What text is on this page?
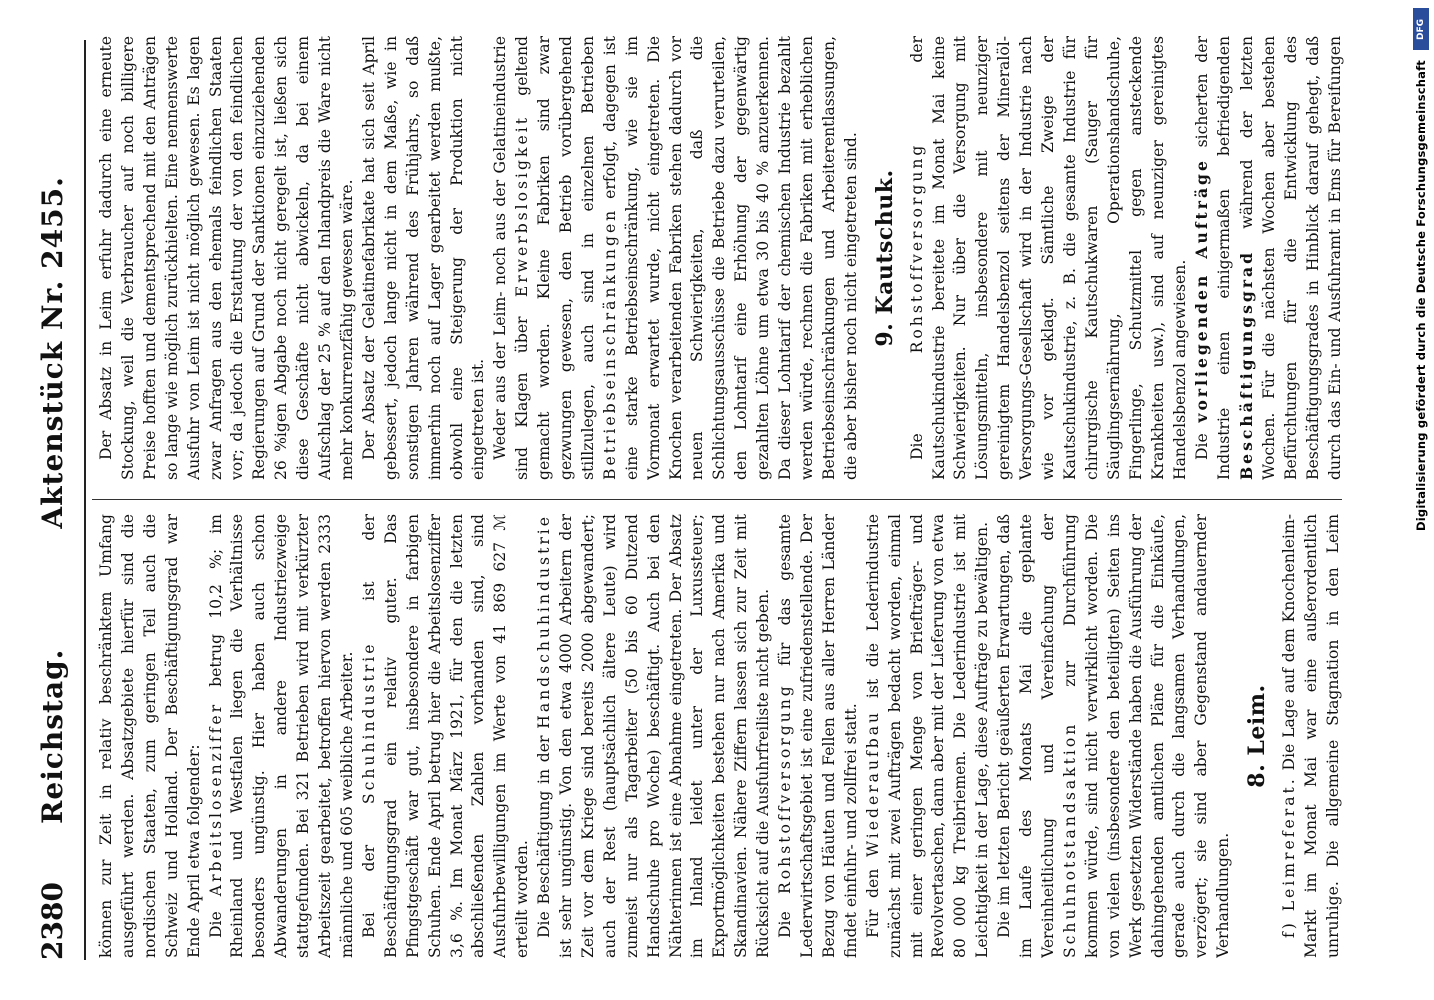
2380
Reichstag.Aktenstück Nr. 2455.

können zur Zeit in relativ beschränktem Umfang ausgeführt werden. Absatzgebiete hierfür sind die nordischen Staaten, zum geringen Teil auch die Schweiz und Holland. Der Beschäftigungsgrad war Ende April etwa folgender: Die Arbeitslosenziffer betrug 10,2 %; im Rheinland und Westfalen liegen die Verhältnisse besonders ungünstig. Hier haben auch schon Abwanderungen in andere Industriezweige stattgefunden. Bei 321 Betrieben wird mit verkürzter Arbeitszeit gearbeitet, betroffen hiervon werden 2333 männliche und 605 weibliche Arbeiter. Bei der Schuhindustrie ist der Beschäftigungsgrad ein relativ guter. Das Pfingstgeschäft war gut, insbesondere in farbigen Schuhen. Ende April betrug hier die Arbeitslosenziffer 3,6 %. Im Monat März 1921, für den die letzten abschließenden Zahlen vorhanden sind, sind Ausfuhrbewilligungen im Werte von 41 869 627 ℳ erteilt worden. Die Beschäftigung in der Handschuhindustrie ist sehr ungünstig. Von den etwa 4000 Arbeitern der Zeit vor dem Kriege sind bereits 2000 abgewandert; auch der Rest (hauptsächlich ältere Leute) wird zumeist nur als Tagarbeiter (50 bis 60 Dutzend Handschuhe pro Woche) beschäftigt. Auch bei den Nähterinnen ist eine Abnahme eingetreten. Der Absatz im Inland leidet unter der Luxussteuer; Exportmöglichkeiten bestehen nur nach Amerika und Skandinavien. Nähere Ziffern lassen sich zur Zeit mit Rücksicht auf die Ausfuhrfreiliste nicht geben. Die Rohstoffversorgung für das gesamte Lederwirtschaftsgebiet ist eine zufriedenstellende. Der Bezug von Häuten und Fellen aus aller Herren Länder findet einfuhr- und zollfrei statt. Für den Wiederaufbau ist die Lederindustrie zunächst mit zwei Aufträgen bedacht worden, einmal mit einer geringen Menge von Briefträger- und Revolvertaschen, dann aber mit der Lieferung von etwa 80 000 kg Treibriemen. Die Lederindustrie ist mit Leichtigkeit in der Lage, diese Aufträge zu bewältigen. Die im letzten Bericht geäußerten Erwartungen, daß im Laufe des Monats Mai die geplante Vereinheitlichung und Vereinfachung der Schuhnotstandsaktion zur Durchführung kommen würde, sind nicht verwirklicht worden. Die von vielen (insbesondere den beteiligten) Seiten ins Werk gesetzten Widerstände haben die Ausführung der dahingehenden amtlichen Pläne für die Einkäufe, gerade auch durch die langsamen Verhandlungen, verzögert; sie sind aber Gegenstand andauernder Verhandlungen.

8. Leim.

f) Leimreferat. Die Lage auf dem Knochenleim-Markt im Monat Mai war eine außerordentlich unruhige. Die allgemeine Stagnation in den Leim

Der Absatz in Leim erfuhr dadurch eine erneute Stockung, weil die Verbraucher auf noch billigere Preise hofften und dementsprechend mit den Anträgen so lange wie möglich zurückhielten. Eine nennenswerte Ausfuhr von Leim ist nicht möglich gewesen. Es lagen zwar Anfragen aus den ehemals feindlichen Staaten vor; da jedoch die Erstattung der von den feindlichen Regierungen auf Grund der Sanktionen einzuziehenden 26 %igen Abgabe noch nicht geregelt ist, ließen sich diese Geschäfte nicht abwickeln, da bei einem Aufschlag der 25 % auf den Inlandpreis die Ware nicht mehr konkurrenzfähig gewesen wäre. Der Absatz der Gelatinefabrikate hat sich seit April gebessert, jedoch lange nicht in dem Maße, wie in sonstigen Jahren während des Frühjahrs, so daß immerhin noch auf Lager gearbeitet werden mußte, obwohl eine Steigerung der Produktion nicht eingetreten ist. Weder aus der Leim- noch aus der Gelatineindustrie sind Klagen über Erwerbslosigkeit geltend gemacht worden. Kleine Fabriken sind zwar gezwungen gewesen, den Betrieb vorübergehend stillzulegen, auch sind in einzelnen Betrieben Betriebseinschränkungen erfolgt, dagegen ist eine starke Betriebseinschränkung, wie sie im Vormonat erwartet wurde, nicht eingetreten. Die Knochen verarbeitenden Fabriken stehen dadurch vor neuen Schwierigkeiten, daß die Schlichtungsausschüsse die Betriebe dazu verurteilen, den Lohntarif eine Erhöhung der gegenwärtig gezahlten Löhne um etwa 30 bis 40 % anzuerkennen. Da dieser Lohntarif der chemischen Industrie bezahlt werden würde, rechnen die Fabriken mit erheblichen Betriebseinschränkungen und Arbeiterentlassungen, die aber bisher noch nicht eingetreten sind. 9. Kautschuk.

Die Rohstoffversorgung der Kautschukindustrie bereitete im Monat Mai keine Schwierigkeiten. Nur über die Versorgung mit Lösungsmitteln, insbesondere mit neunziger gereinigtem Handelsbenzol seitens der Mineralöl-Versorgungs-Gesellschaft wird in der Industrie nach wie vor geklagt. Sämtliche Zweige der Kautschukindustrie, z. B. die gesamte Industrie für chirurgische Kautschukwaren (Sauger für Säuglingsernährung, Operationshandschuhe, Fingerlinge, Schutzmittel gegen ansteckende Krankheiten usw.), sind auf neunziger gereinigtes Handelsbenzol angewiesen. Die vorliegenden Aufträge sicherten der Industrie einen einigermaßen befriedigenden Beschäftigungsgrad während der letzten Wochen. Für die nächsten Wochen aber bestehen Befürchtungen für die Entwicklung des Beschäftigungsgrades in Hinblick darauf gehegt, daß durch das Ein- und Ausfuhramt in Ems für Bereifungen

DFG
Digitalisierung gefördert durch die Deutsche Forschungsgemeinschaft
